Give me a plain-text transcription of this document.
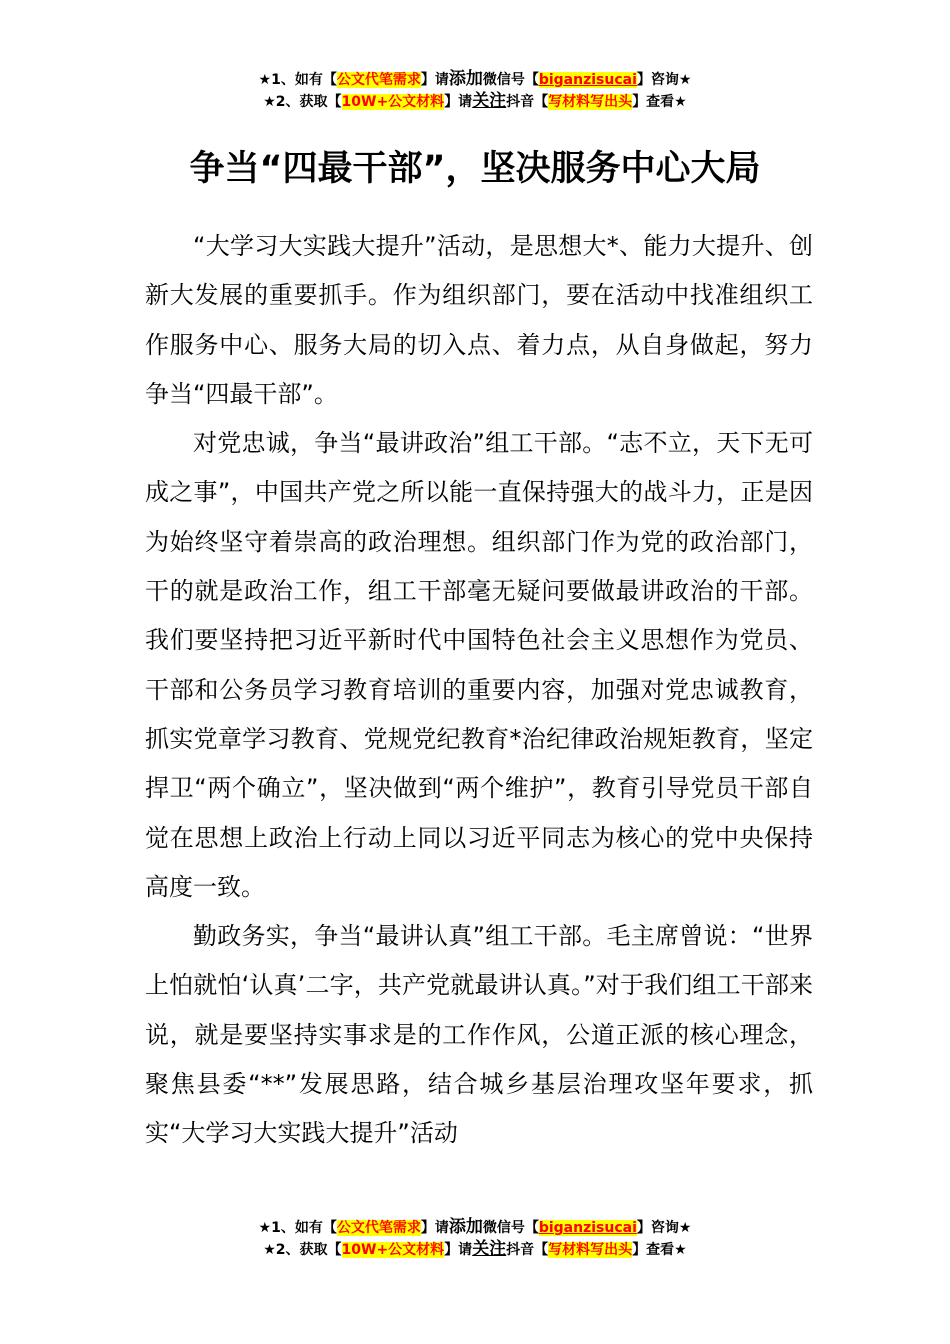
★1、如有【公文代笔需求】请添加微信号【biganzisucai】咨询★
★2、获取【10W+公文材料】请关注抖音【写材料写出头】查看★
争当“四最干部”，坚决服务中心大局

“大学习大实践大提升”活动，是思想大*、能力大提升、创新大发展的重要抓手。作为组织部门，要在活动中找准组织工作服务中心、服务大局的切入点、着力点，从自身做起，努力争当“四最干部”。

对党忠诚，争当“最讲政治”组工干部。“志不立，天下无可成之事”，中国共产党之所以能一直保持强大的战斗力，正是因为始终坚守着崇高的政治理想。组织部门作为党的政治部门，干的就是政治工作，组工干部毫无疑问要做最讲政治的干部。我们要坚持把习近平新时代中国特色社会主义思想作为党员、干部和公务员学习教育培训的重要内容，加强对党忠诚教育，抓实党章学习教育、党规党纪教育*治纪律政治规矩教育，坚定捍卫“两个确立”，坚决做到“两个维护”，教育引导党员干部自觉在思想上政治上行动上同以习近平同志为核心的党中央保持高度一致。

勤政务实，争当“最讲认真”组工干部。毛主席曾说：“世界上怕就怕‘认真’二字，共产党就最讲认真。”对于我们组工干部来说，就是要坚持实事求是的工作作风，公道正派的核心理念，聚焦县委“**”发展思路，结合城乡基层治理攻坚年要求，抓实“大学习大实践大提升”活动

★1、如有【公文代笔需求】请添加微信号【biganzisucai】咨询★
★2、获取【10W+公文材料】请关注抖音【写材料写出头】查看★
